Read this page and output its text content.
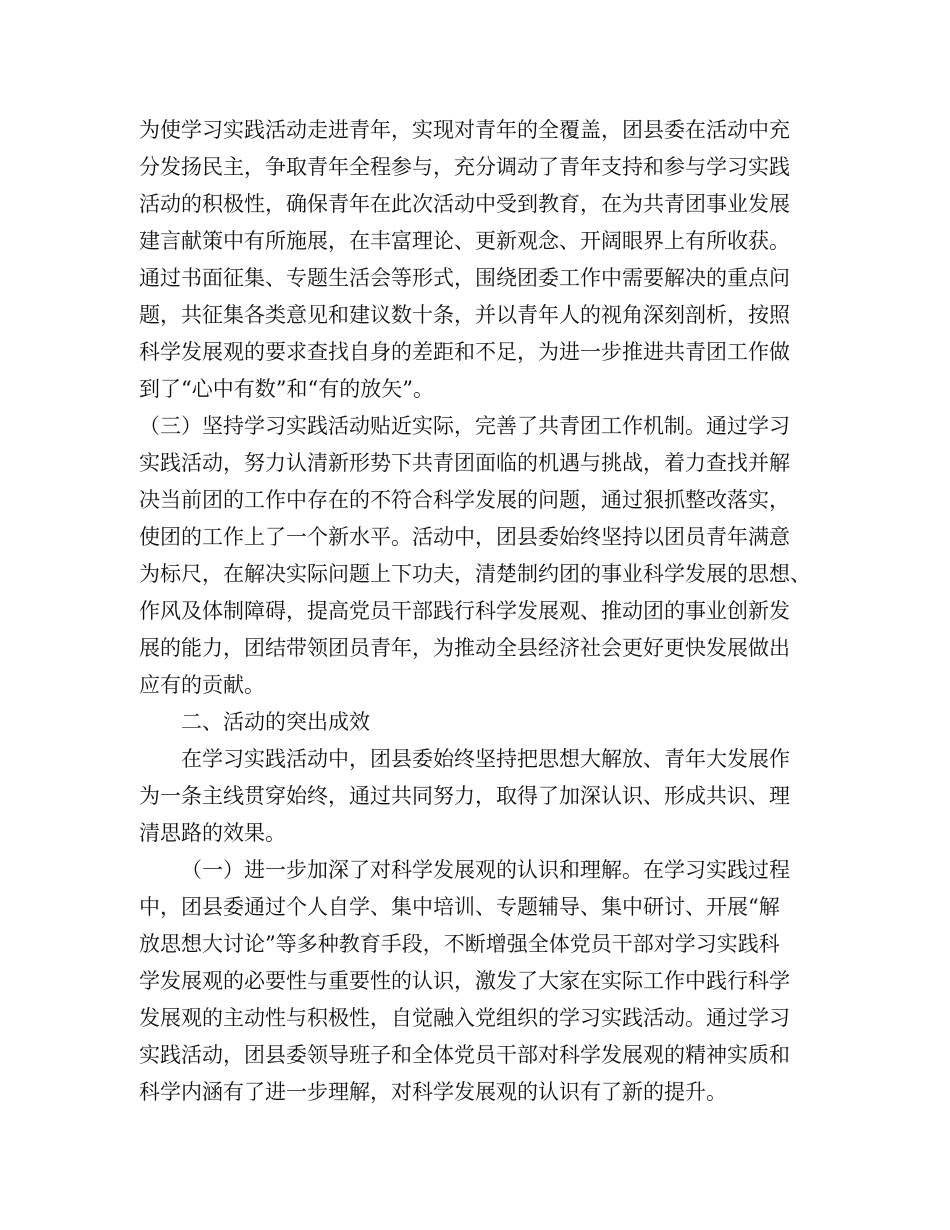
为使学习实践活动走进青年，实现对青年的全覆盖，团县委在活动中充
分发扬民主，争取青年全程参与，充分调动了青年支持和参与学习实践
活动的积极性，确保青年在此次活动中受到教育，在为共青团事业发展
建言献策中有所施展，在丰富理论、更新观念、开阔眼界上有所收获。
通过书面征集、专题生活会等形式，围绕团委工作中需要解决的重点问
题，共征集各类意见和建议数十条，并以青年人的视角深刻剖析，按照
科学发展观的要求查找自身的差距和不足，为进一步推进共青团工作做
到了“心中有数”和“有的放矢”。
（三）坚持学习实践活动贴近实际，完善了共青团工作机制。通过学习
实践活动，努力认清新形势下共青团面临的机遇与挑战，着力查找并解
决当前团的工作中存在的不符合科学发展的问题，通过狠抓整改落实，
使团的工作上了一个新水平。活动中，团县委始终坚持以团员青年满意
为标尺，在解决实际问题上下功夫，清楚制约团的事业科学发展的思想、
作风及体制障碍，提高党员干部践行科学发展观、推动团的事业创新发
展的能力，团结带领团员青年，为推动全县经济社会更好更快发展做出
应有的贡献。
二、活动的突出成效
在学习实践活动中，团县委始终坚持把思想大解放、青年大发展作
为一条主线贯穿始终，通过共同努力，取得了加深认识、形成共识、理
清思路的效果。
（一）进一步加深了对科学发展观的认识和理解。在学习实践过程
中，团县委通过个人自学、集中培训、专题辅导、集中研讨、开展“解
放思想大讨论”等多种教育手段，不断增强全体党员干部对学习实践科
学发展观的必要性与重要性的认识，激发了大家在实际工作中践行科学
发展观的主动性与积极性，自觉融入党组织的学习实践活动。通过学习
实践活动，团县委领导班子和全体党员干部对科学发展观的精神实质和
科学内涵有了进一步理解，对科学发展观的认识有了新的提升。
